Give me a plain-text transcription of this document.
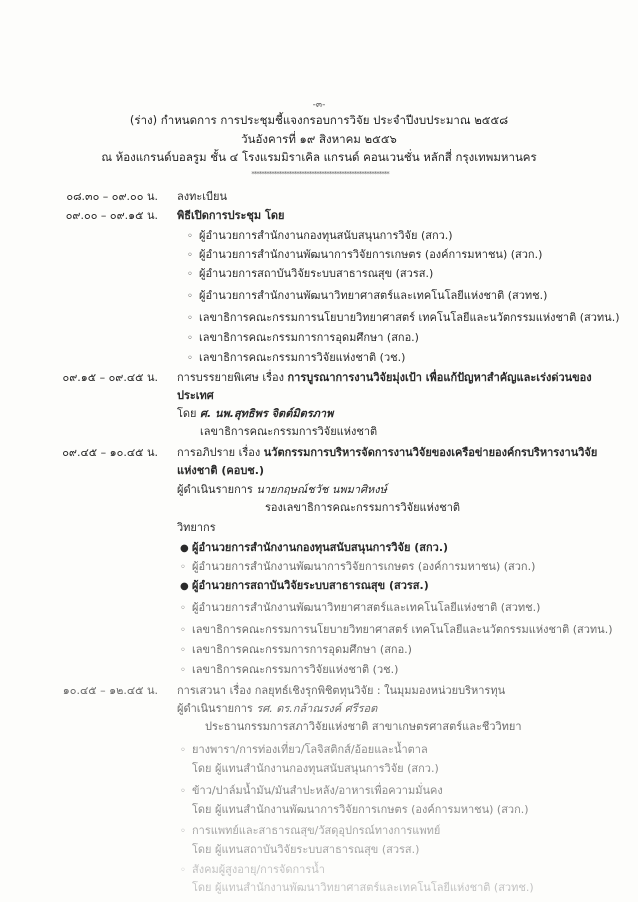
-๓-
(ร่าง) กำหนดการ การประชุมชี้แจงกรอบการวิจัย ประจำปีงบประมาณ ๒๕๕๘
วันอังคารที่ ๑๙ สิงหาคม ๒๕๕๖
ณ ห้องแกรนด์บอลรูม ชั้น ๔ โรงแรมมิราเคิล แกรนด์ คอนเวนชั่น หลักสี่ กรุงเทพมหานคร
*******************************************************
๐๘.๓๐ – ๐๙.๐๐ น. ลงทะเบียน
๐๙.๐๐ – ๐๙.๑๕ น. พิธีเปิดการประชุม โดย
◦ ผู้อำนวยการสำนักงานกองทุนสนับสนุนการวิจัย (สกว.)
◦ ผู้อำนวยการสำนักงานพัฒนาการวิจัยการเกษตร (องค์การมหาชน) (สวก.)
◦ ผู้อำนวยการสถาบันวิจัยระบบสาธารณสุข (สวรส.)
◦ ผู้อำนวยการสำนักงานพัฒนาวิทยาศาสตร์และเทคโนโลยีแห่งชาติ (สวทช.)
◦ เลขาธิการคณะกรรมการนโยบายวิทยาศาสตร์ เทคโนโลยีและนวัตกรรมแห่งชาติ (สวทน.)
◦ เลขาธิการคณะกรรมการการอุดมศึกษา (สกอ.)
◦ เลขาธิการคณะกรรมการวิจัยแห่งชาติ (วช.)
๐๙.๑๕ – ๐๙.๔๕ น. การบรรยายพิเศษ เรื่อง การบูรณาการงานวิจัยมุ่งเป้า เพื่อแก้ปัญหาสำคัญและเร่งด่วนของ
ประเทศ
โดย ศ. นพ.สุทธิพร จิตต์มิตรภาพ
เลขาธิการคณะกรรมการวิจัยแห่งชาติ
๐๙.๔๕ – ๑๐.๔๕ น. การอภิปราย เรื่อง นวัตกรรมการบริหารจัดการงานวิจัยของเครือข่ายองค์กรบริหารงานวิจัย
แห่งชาติ (คอบช.)
ผู้ดำเนินรายการ นายกฤษณ์ชวัช นพมาศิหงษ์
รองเลขาธิการคณะกรรมการวิจัยแห่งชาติ
วิทยากร
● ผู้อำนวยการสำนักงานกองทุนสนับสนุนการวิจัย (สกว.)
◦ ผู้อำนวยการสำนักงานพัฒนาการวิจัยการเกษตร (องค์การมหาชน) (สวก.)
● ผู้อำนวยการสถาบันวิจัยระบบสาธารณสุข (สวรส.)
◦ ผู้อำนวยการสำนักงานพัฒนาวิทยาศาสตร์และเทคโนโลยีแห่งชาติ (สวทช.)
◦ เลขาธิการคณะกรรมการนโยบายวิทยาศาสตร์ เทคโนโลยีและนวัตกรรมแห่งชาติ (สวทน.)
◦ เลขาธิการคณะกรรมการการอุดมศึกษา (สกอ.)
◦ เลขาธิการคณะกรรมการวิจัยแห่งชาติ (วช.)
๑๐.๔๕ – ๑๒.๔๕ น. การเสวนา เรื่อง กลยุทธ์เชิงรุกพิชิตทุนวิจัย : ในมุมมองหน่วยบริหารทุน
ผู้ดำเนินรายการ รศ. ดร.กล้าณรงค์ ศรีรอต
ประธานกรรมการสภาวิจัยแห่งชาติ สาขาเกษตรศาสตร์และชีววิทยา
◦ ยางพารา/การท่องเที่ยว/โลจิสติกส์/อ้อยและน้ำตาล
โดย ผู้แทนสำนักงานกองทุนสนับสนุนการวิจัย (สกว.)
◦ ข้าว/ปาล์มน้ำมัน/มันสำปะหลัง/อาหารเพื่อความมั่นคง
โดย ผู้แทนสำนักงานพัฒนาการวิจัยการเกษตร (องค์การมหาชน) (สวก.)
◦ การแพทย์และสาธารณสุข/วัสดุอุปกรณ์ทางการแพทย์
โดย ผู้แทนสถาบันวิจัยระบบสาธารณสุข (สวรส.)
◦ สังคมผู้สูงอายุ/การจัดการน้ำ
โดย ผู้แทนสำนักงานพัฒนาวิทยาศาสตร์และเทคโนโลยีแห่งชาติ (สวทช.)
